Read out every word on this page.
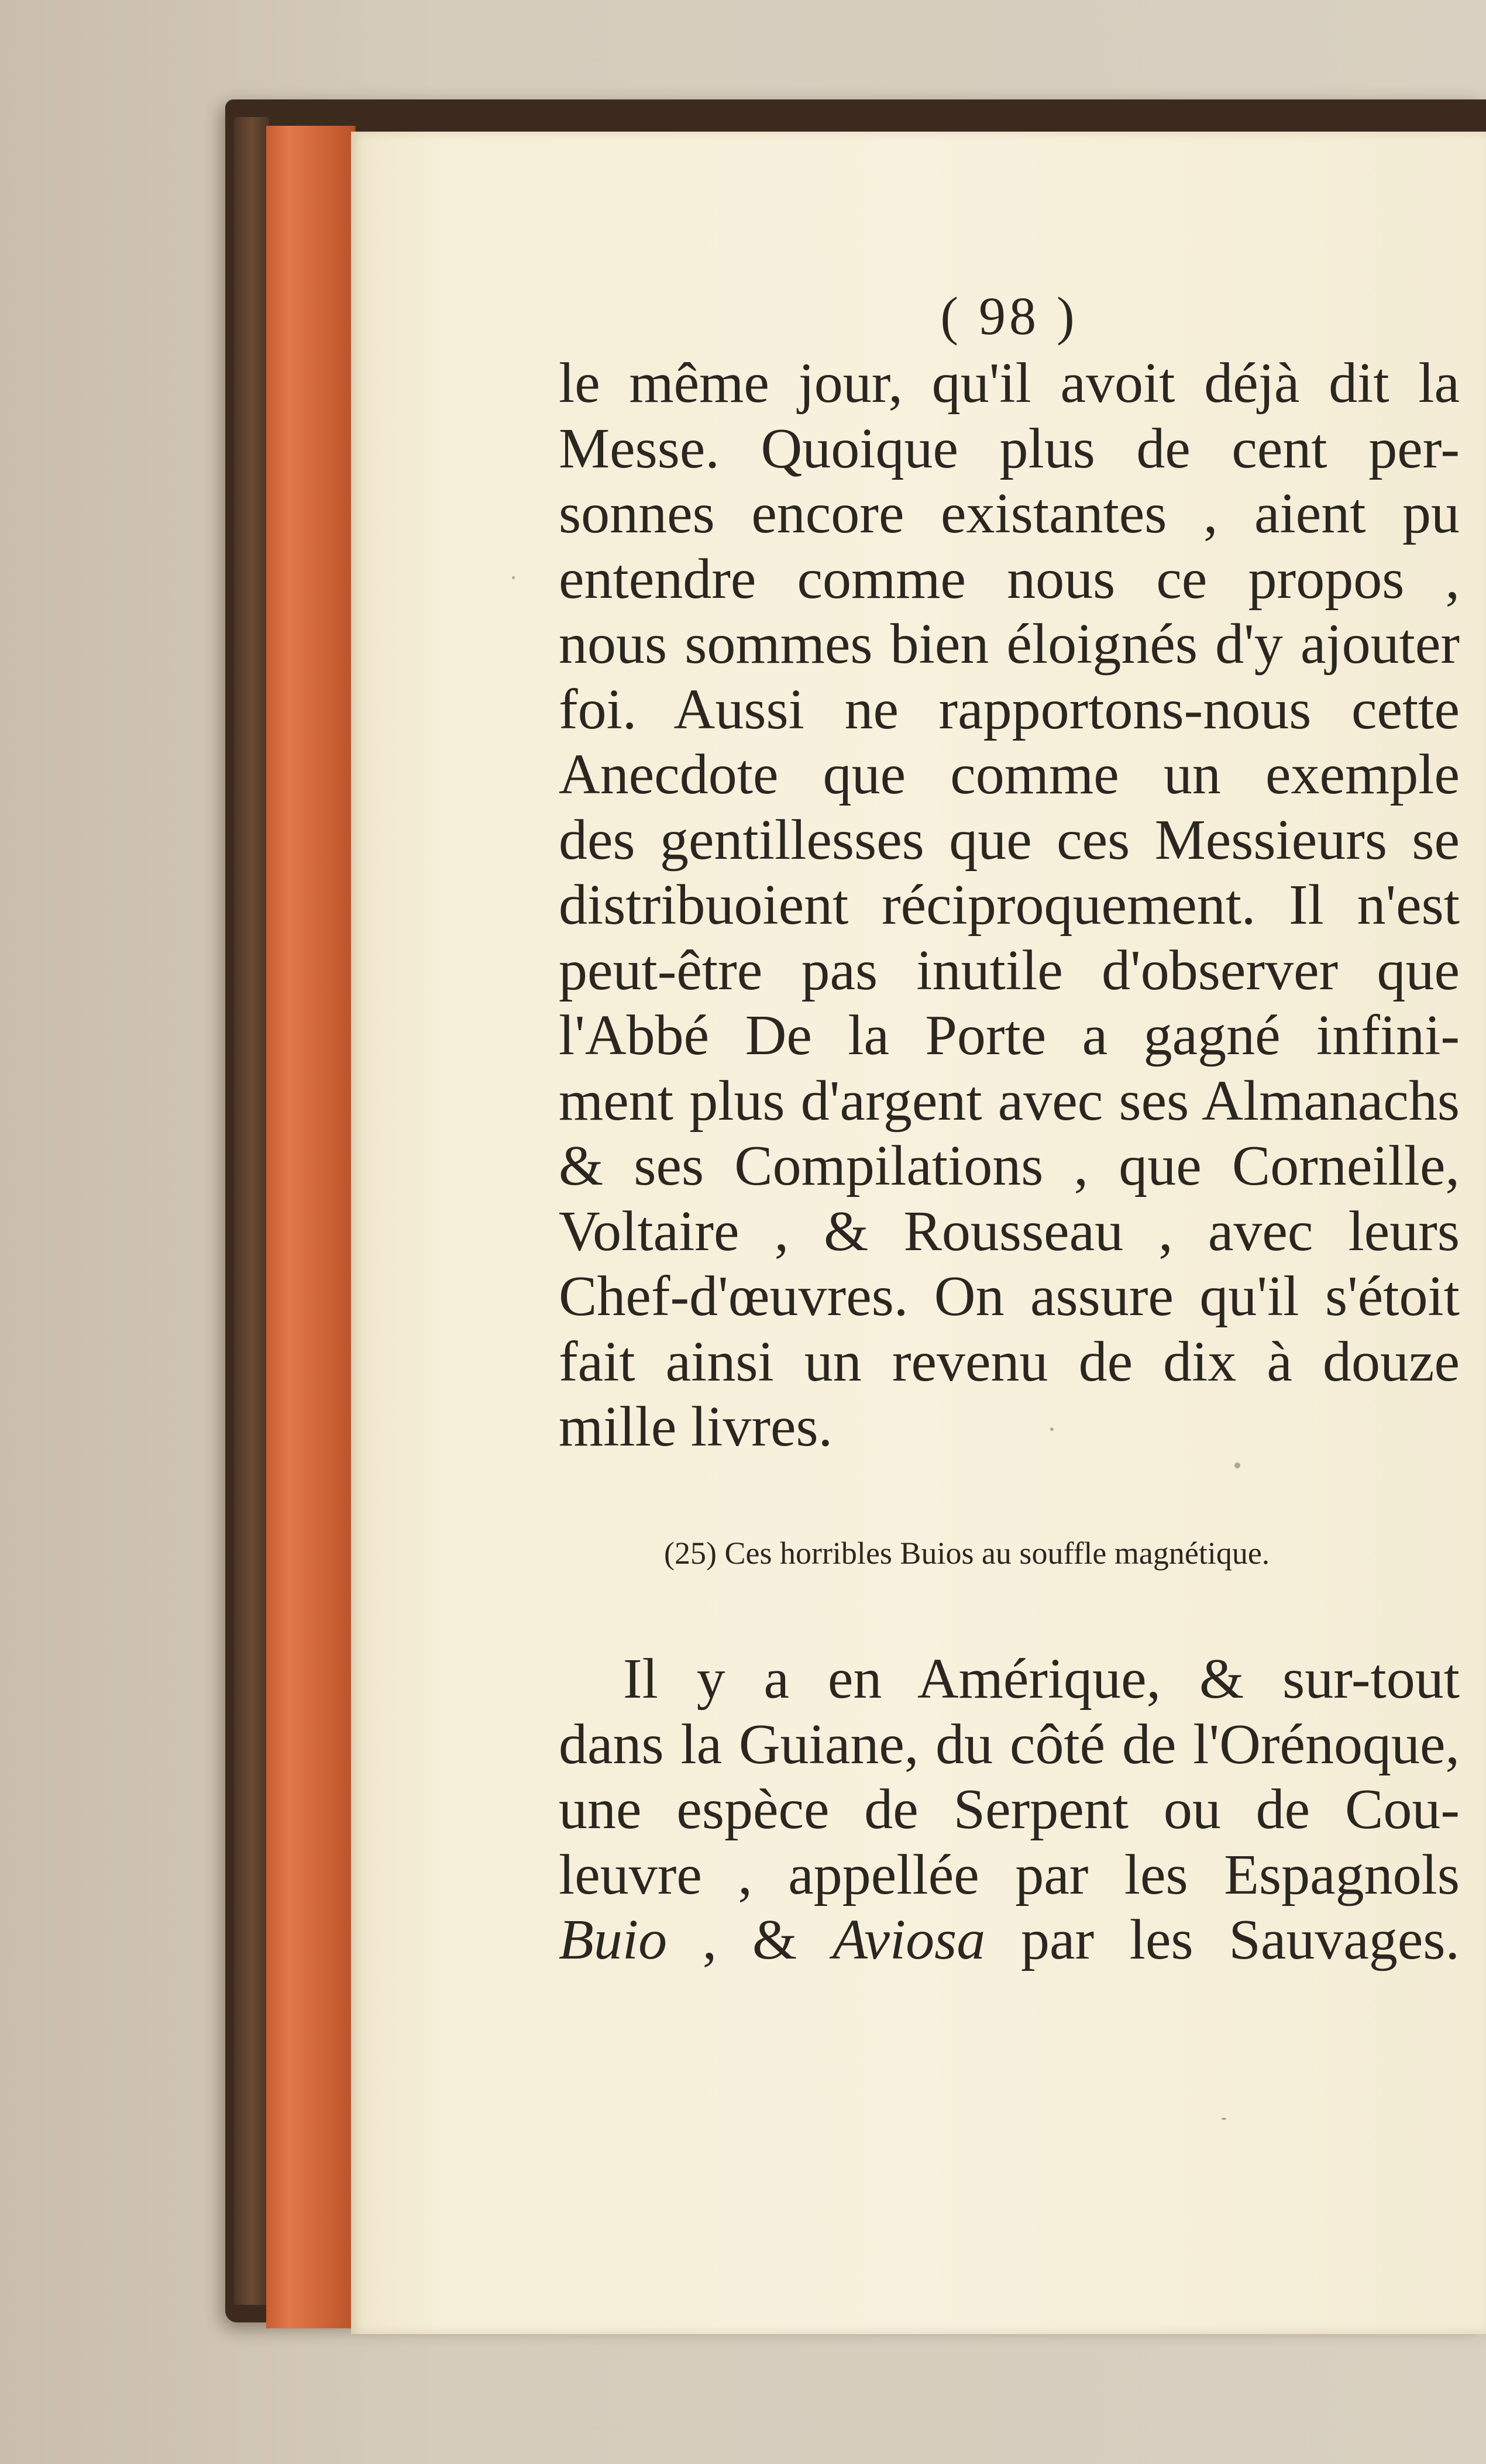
( 98 )
le même jour, qu'il avoit déjà dit la
Messe. Quoique plus de cent per-
sonnes encore existantes , aient pu
entendre comme nous ce propos ,
nous sommes bien éloignés d'y ajouter
foi. Aussi ne rapportons-nous cette
Anecdote que comme un exemple
des gentillesses que ces Messieurs se
distribuoient réciproquement. Il n'est
peut-être pas inutile d'observer que
l'Abbé De la Porte a gagné infini-
ment plus d'argent avec ses Almanachs
& ses Compilations , que Corneille,
Voltaire , & Rousseau , avec leurs
Chef-d'œuvres. On assure qu'il s'étoit
fait ainsi un revenu de dix à douze
mille livres.
(25) Ces horribles Buios au souffle magnétique.
Il y a en Amérique, & sur-tout
dans la Guiane, du côté de l'Orénoque,
une espèce de Serpent ou de Cou-
leuvre , appellée par les Espagnols
Buio , & Aviosa par les Sauvages.
